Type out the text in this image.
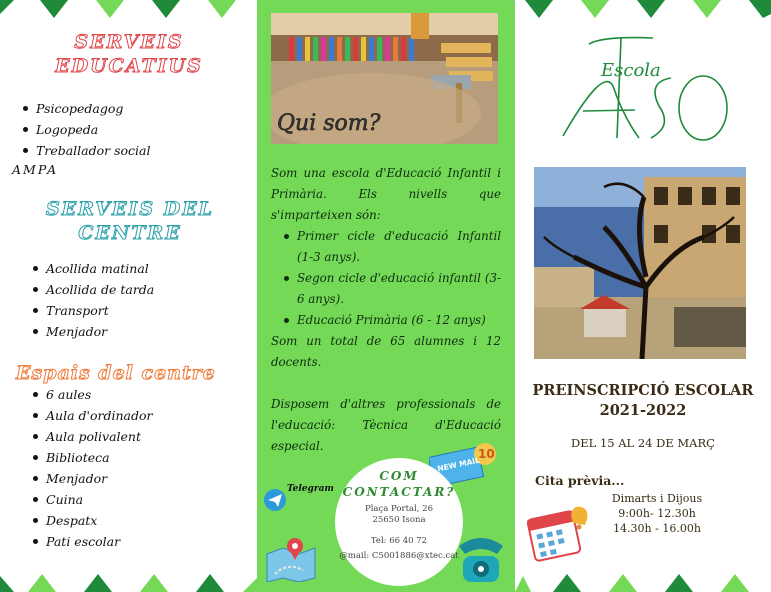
SERVEIS EDUCATIUS
Psicopedagog
Logopeda
Treballador social
AMPA
SERVEIS DEL CENTRE
Acollida matinal
Acollida de tarda
Transport
Menjador
Espais del centre
6 aules
Aula d'ordinador
Aula polivalent
Biblioteca
Menjador
Cuina
Despatx
Pati escolar
Qui som?
Som una escola d'Educació Infantil i Primària. Els nivells que s'imparteixen són:
Primer cicle d'educació Infantil (1-3 anys).
Segon cicle d'educació infantil (3-6 anys).
Educació Primària (6 - 12 anys)
Som un total de 65 alumnes i 12 docents.
Disposem d'altres professionals de l'educació: Tècnica d'Educació especial.
Telegram
NEW MAIL
10
COM
CONTACTAR?
Plaça Portal, 26
25650 Isona
Tel: 66 40 72
@mail: C5001886@xtec.cat
Escola
PREINSCRIPCIÓ ESCOLAR
2021-2022
DEL 15 AL 24 DE MARÇ
Cita prèvia...
Dimarts i Dijous
9:00h- 12.30h
14.30h - 16.00h
